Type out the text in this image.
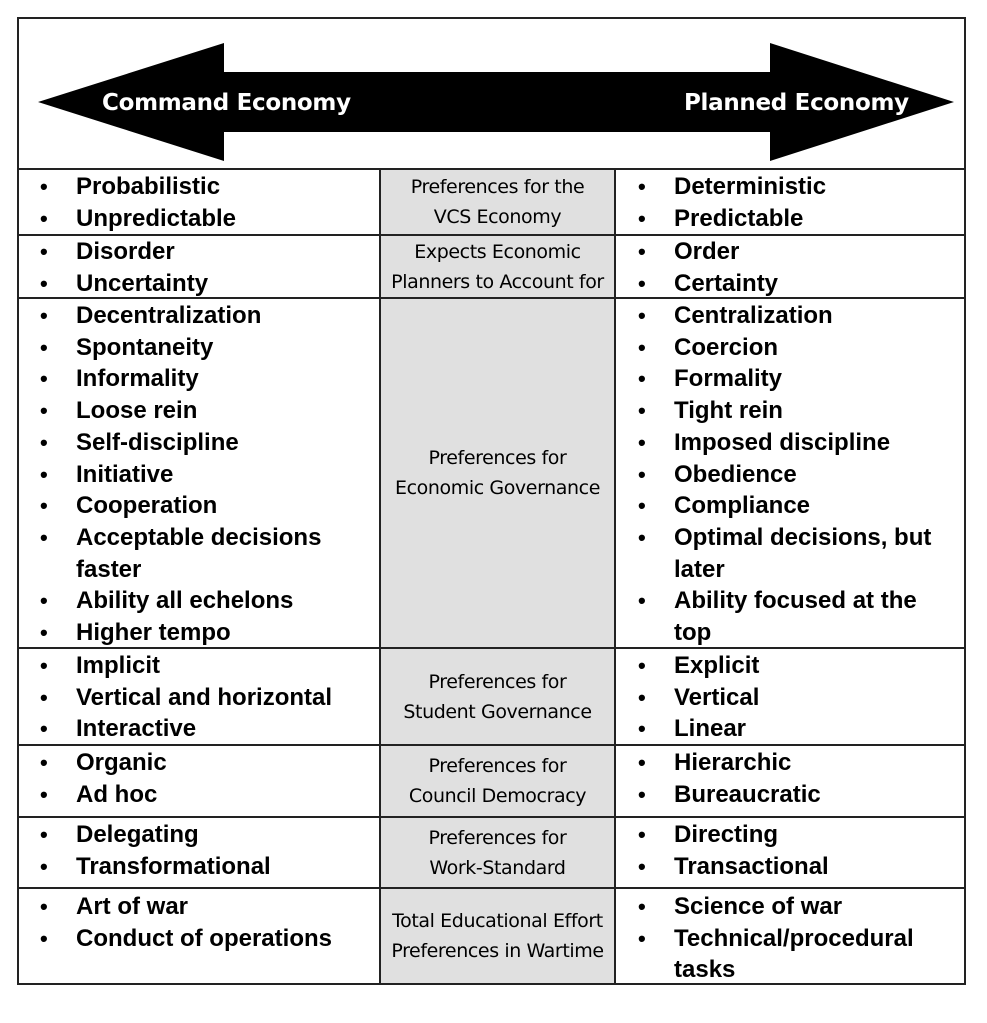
Command Economy	Planned Economy
Preferences for the
VCS Economy
Expects Economic
Planners to Account for
Preferences for
Economic Governance
Preferences for
Student Governance
Preferences for
Council Democracy
Preferences for
Work-Standard
Total Educational Effort
Preferences in Wartime
• Probabilistic
• Unpredictable
• Deterministic
• Predictable
• Disorder
• Uncertainty
• Order
• Certainty
• Decentralization
• Spontaneity
• Informality
• Loose rein
• Self-discipline
• Initiative
• Cooperation
• Acceptable decisions faster
• Ability all echelons
• Higher tempo
• Centralization
• Coercion
• Formality
• Tight rein
• Imposed discipline
• Obedience
• Compliance
• Optimal decisions, but later
• Ability focused at the top
• Implicit
• Vertical and horizontal
• Interactive
• Explicit
• Vertical
• Linear
• Organic
• Ad hoc
• Hierarchic
• Bureaucratic
• Delegating
• Transformational
• Directing
• Transactional
• Art of war
• Conduct of operations
• Science of war
• Technical/procedural tasks
